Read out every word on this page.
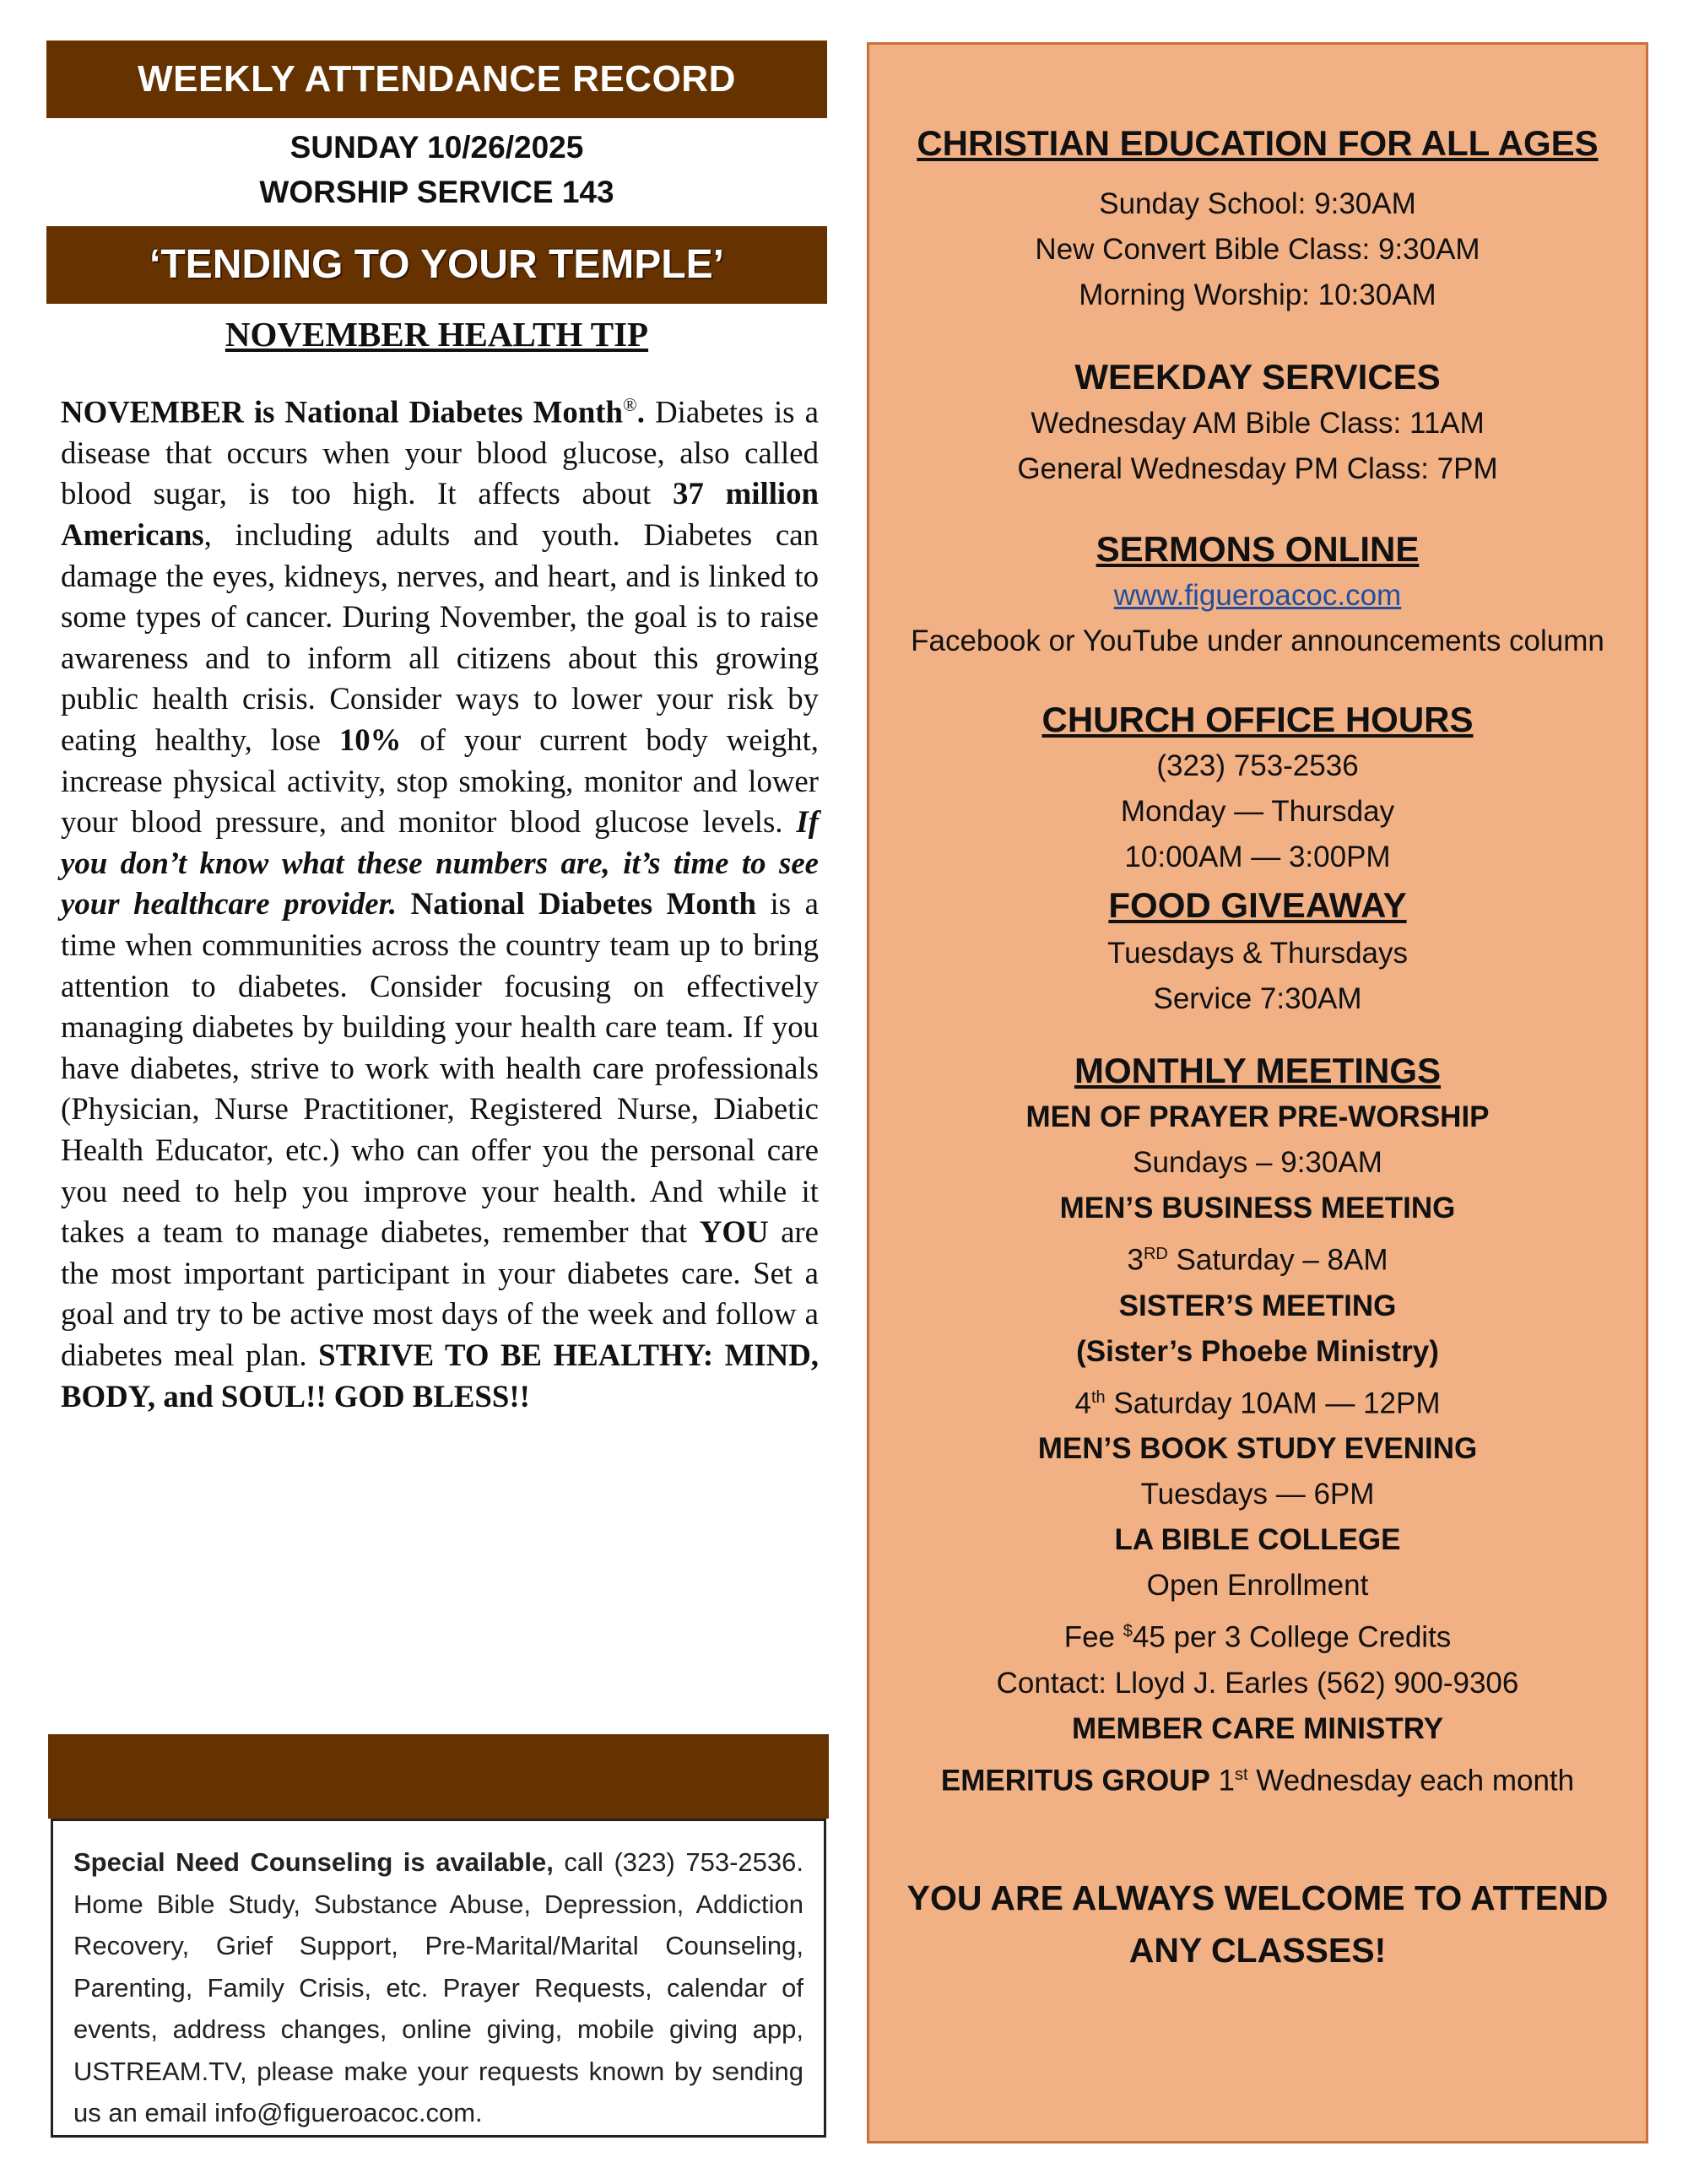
WEEKLY ATTENDANCE RECORD
SUNDAY 10/26/2025
WORSHIP SERVICE 143
‘TENDING TO YOUR TEMPLE’
NOVEMBER HEALTH TIP
NOVEMBER is National Diabetes Month®. Diabetes is a disease that occurs when your blood glucose, also called blood sugar, is too high. It affects about 37 million Americans, including adults and youth. Diabetes can damage the eyes, kidneys, nerves, and heart, and is linked to some types of cancer. During November, the goal is to raise awareness and to inform all citizens about this growing public health crisis. Consider ways to lower your risk by eating healthy, lose 10% of your current body weight, increase physical activity, stop smoking, monitor and lower your blood pressure, and monitor blood glucose levels. If you don’t know what these numbers are, it’s time to see your healthcare provider. National Diabetes Month is a time when communities across the country team up to bring attention to diabetes. Consider focusing on effectively managing diabetes by building your health care team. If you have diabetes, strive to work with health care professionals (Physician, Nurse Practitioner, Registered Nurse, Diabetic Health Educator, etc.) who can offer you the personal care you need to help you improve your health. And while it takes a team to manage diabetes, remember that YOU are the most important participant in your diabetes care. Set a goal and try to be active most days of the week and follow a diabetes meal plan. STRIVE TO BE HEALTHY: MIND, BODY, and SOUL!! GOD BLESS!!
Special Need Counseling is available, call (323) 753-2536. Home Bible Study, Substance Abuse, Depression, Addiction Recovery, Grief Support, Pre-Marital/Marital Counseling, Parenting, Family Crisis, etc. Prayer Requests, calendar of events, address changes, online giving, mobile giving app, USTREAM.TV, please make your requests known by sending us an email info@figueroacoc.com.
CHRISTIAN EDUCATION FOR ALL AGES
Sunday School: 9:30AM
New Convert Bible Class: 9:30AM
Morning Worship: 10:30AM
WEEKDAY SERVICES
Wednesday AM Bible Class: 11AM
General Wednesday PM Class: 7PM
SERMONS ONLINE
www.figueroacoc.com
Facebook or YouTube under announcements column
CHURCH OFFICE HOURS
(323) 753-2536
Monday — Thursday
10:00AM — 3:00PM
FOOD GIVEAWAY
Tuesdays & Thursdays
Service 7:30AM
MONTHLY MEETINGS
MEN OF PRAYER PRE-WORSHIP
Sundays – 9:30AM
MEN’S BUSINESS MEETING
3RD Saturday – 8AM
SISTER’S MEETING
(Sister’s Phoebe Ministry)
4th Saturday 10AM — 12PM
MEN’S BOOK STUDY EVENING
Tuesdays — 6PM
LA BIBLE COLLEGE
Open Enrollment
Fee $45 per 3 College Credits
Contact: Lloyd J. Earles (562) 900-9306
MEMBER CARE MINISTRY
EMERITUS GROUP 1st Wednesday each month
YOU ARE ALWAYS WELCOME TO ATTEND
ANY CLASSES!
